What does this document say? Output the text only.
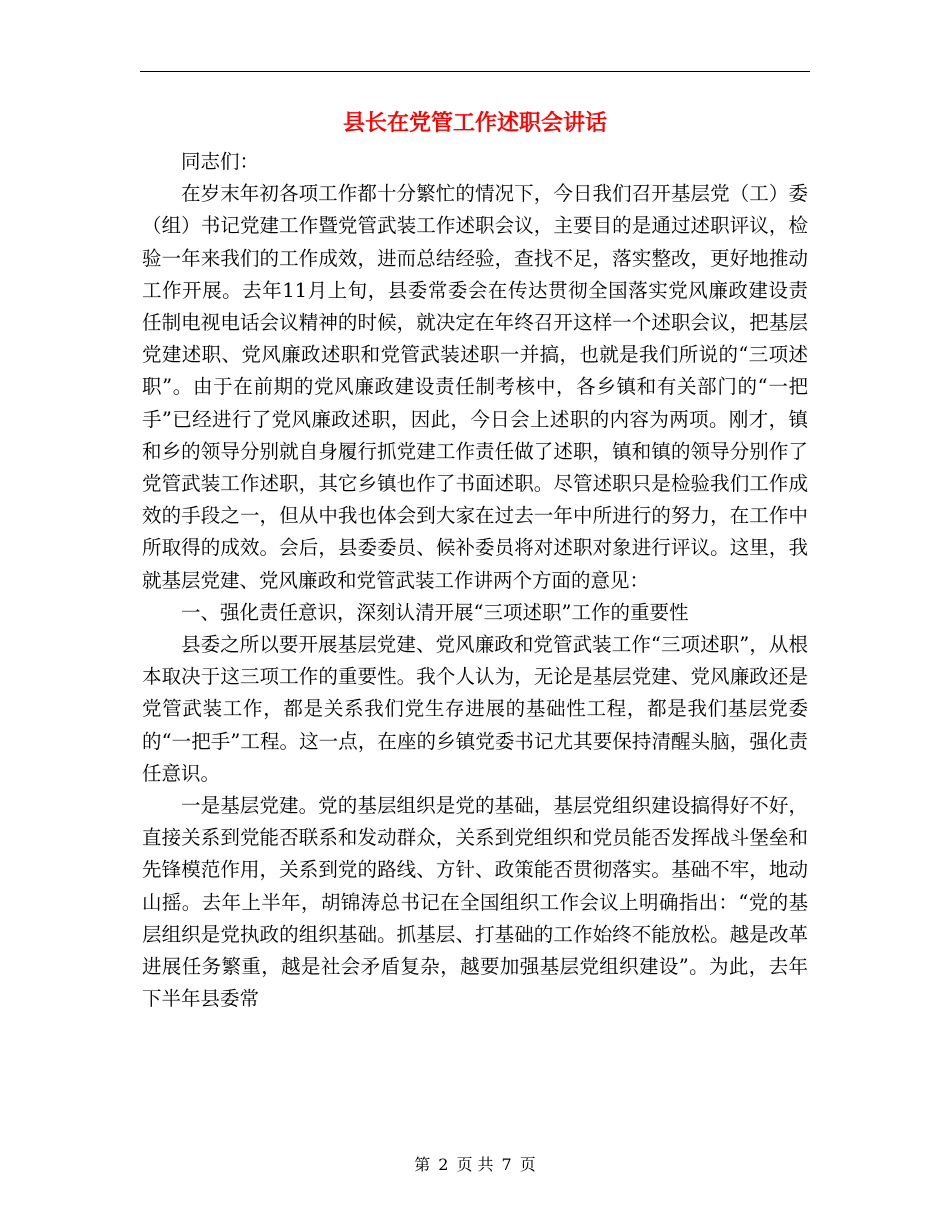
县长在党管工作述职会讲话

同志们：

在岁末年初各项工作都十分繁忙的情况下，今日我们召开基层党（工）委（组）书记党建工作暨党管武装工作述职会议，主要目的是通过述职评议，检验一年来我们的工作成效，进而总结经验，查找不足，落实整改，更好地推动工作开展。去年11月上旬，县委常委会在传达贯彻全国落实党风廉政建设责任制电视电话会议精神的时候，就决定在年终召开这样一个述职会议，把基层党建述职、党风廉政述职和党管武装述职一并搞，也就是我们所说的“三项述职”。由于在前期的党风廉政建设责任制考核中，各乡镇和有关部门的“一把手”已经进行了党风廉政述职，因此，今日会上述职的内容为两项。刚才，镇和乡的领导分别就自身履行抓党建工作责任做了述职，镇和镇的领导分别作了党管武装工作述职，其它乡镇也作了书面述职。尽管述职只是检验我们工作成效的手段之一，但从中我也体会到大家在过去一年中所进行的努力，在工作中所取得的成效。会后，县委委员、候补委员将对述职对象进行评议。这里，我就基层党建、党风廉政和党管武装工作讲两个方面的意见：

一、强化责任意识，深刻认清开展“三项述职”工作的重要性

县委之所以要开展基层党建、党风廉政和党管武装工作“三项述职”，从根本取决于这三项工作的重要性。我个人认为，无论是基层党建、党风廉政还是党管武装工作，都是关系我们党生存进展的基础性工程，都是我们基层党委的“一把手”工程。这一点，在座的乡镇党委书记尤其要保持清醒头脑，强化责任意识。

一是基层党建。党的基层组织是党的基础，基层党组织建设搞得好不好，直接关系到党能否联系和发动群众，关系到党组织和党员能否发挥战斗堡垒和先锋模范作用，关系到党的路线、方针、政策能否贯彻落实。基础不牢，地动山摇。去年上半年，胡锦涛总书记在全国组织工作会议上明确指出：“党的基层组织是党执政的组织基础。抓基层、打基础的工作始终不能放松。越是改革进展任务繁重，越是社会矛盾复杂，越要加强基层党组织建设”。为此，去年下半年县委常

第 2 页 共 7 页
